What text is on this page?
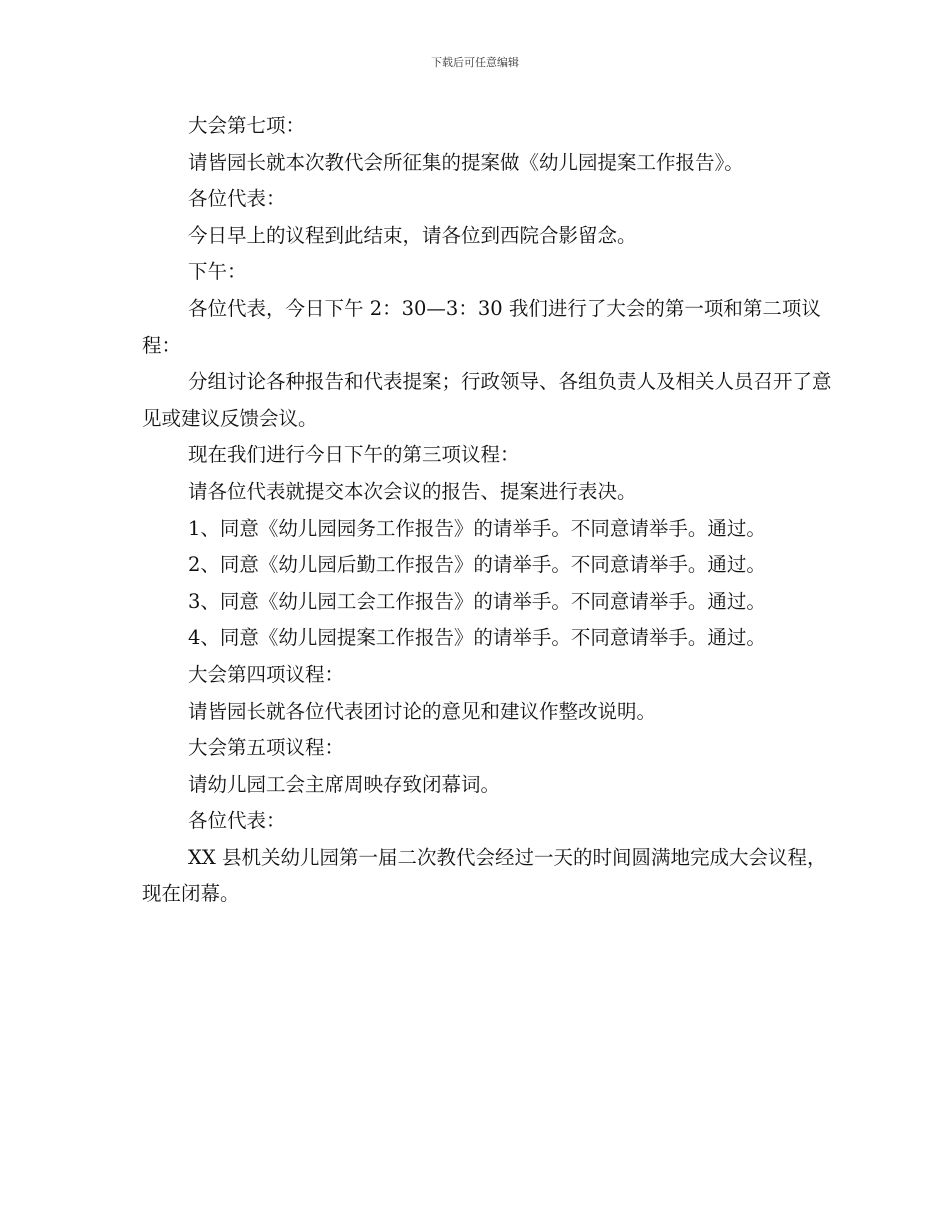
下载后可任意编辑

大会第七项：

请皆园长就本次教代会所征集的提案做《幼儿园提案工作报告》。

各位代表：

今日早上的议程到此结束，请各位到西院合影留念。

下午：

各位代表，今日下午 2：30—3：30 我们进行了大会的第一项和第二项议程：

分组讨论各种报告和代表提案；行政领导、各组负责人及相关人员召开了意见或建议反馈会议。

现在我们进行今日下午的第三项议程：

请各位代表就提交本次会议的报告、提案进行表决。

1、同意《幼儿园园务工作报告》的请举手。不同意请举手。通过。

2、同意《幼儿园后勤工作报告》的请举手。不同意请举手。通过。

3、同意《幼儿园工会工作报告》的请举手。不同意请举手。通过。

4、同意《幼儿园提案工作报告》的请举手。不同意请举手。通过。

大会第四项议程：

请皆园长就各位代表团讨论的意见和建议作整改说明。

大会第五项议程：

请幼儿园工会主席周映存致闭幕词。

各位代表：

XX 县机关幼儿园第一届二次教代会经过一天的时间圆满地完成大会议程，现在闭幕。
